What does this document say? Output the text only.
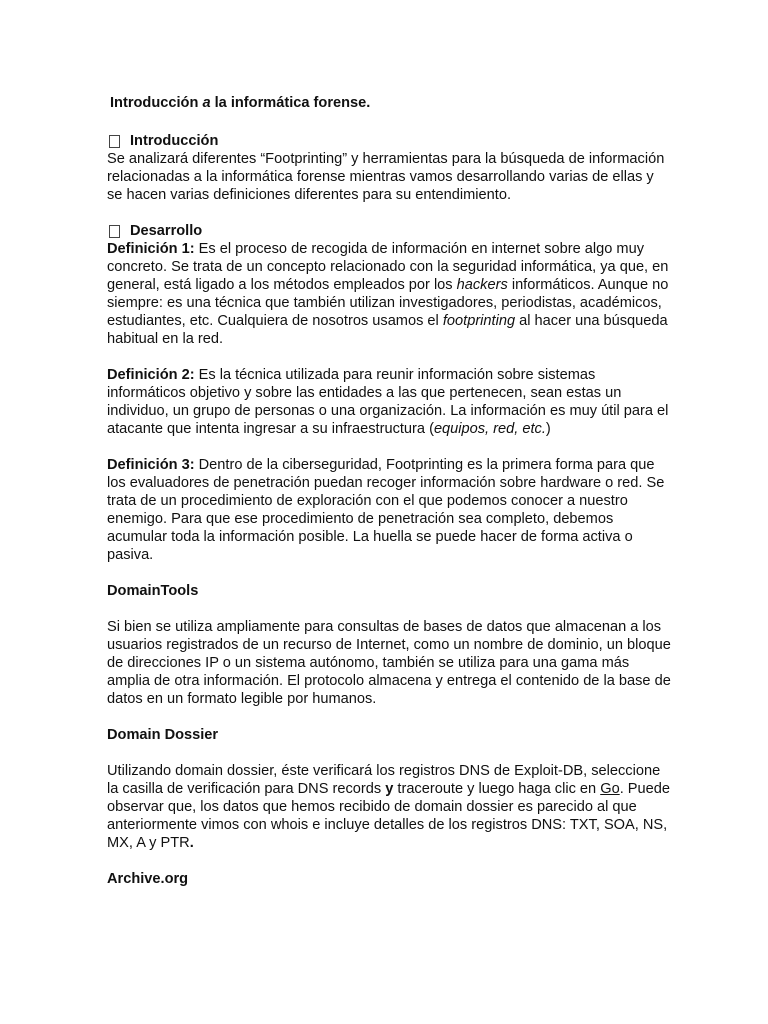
Introducción a la informática forense.
Introducción

Se analizará diferentes “Footprinting” y herramientas para la búsqueda de información relacionadas a la informática forense mientras vamos desarrollando varias de ellas y se hacen varias definiciones diferentes para su entendimiento.

Desarrollo

Definición 1: Es el proceso de recogida de información en internet sobre algo muy concreto. Se trata de un concepto relacionado con la seguridad informática, ya que, en general, está ligado a los métodos empleados por los hackers informáticos. Aunque no siempre: es una técnica que también utilizan investigadores, periodistas, académicos, estudiantes, etc. Cualquiera de nosotros usamos el footprinting al hacer una búsqueda habitual en la red.

Definición 2: Es la técnica utilizada para reunir información sobre sistemas informáticos objetivo y sobre las entidades a las que pertenecen, sean estas un individuo, un grupo de personas o una organización. La información es muy útil para el atacante que intenta ingresar a su infraestructura (equipos, red, etc.)

Definición 3: Dentro de la ciberseguridad, Footprinting es la primera forma para que los evaluadores de penetración puedan recoger información sobre hardware o red. Se trata de un procedimiento de exploración con el que podemos conocer a nuestro enemigo. Para que ese procedimiento de penetración sea completo, debemos acumular toda la información posible. La huella se puede hacer de forma activa o pasiva.

DomainTools

Si bien se utiliza ampliamente para consultas de bases de datos que almacenan a los usuarios registrados de un recurso de Internet, como un nombre de dominio, un bloque de direcciones IP o un sistema autónomo, también se utiliza para una gama más amplia de otra información. El protocolo almacena y entrega el contenido de la base de datos en un formato legible por humanos.

Domain Dossier

Utilizando domain dossier, éste verificará los registros DNS de Exploit-DB, seleccione la casilla de verificación para DNS records y traceroute y luego haga clic en Go. Puede observar que, los datos que hemos recibido de domain dossier es parecido al que anteriormente vimos con whois e incluye detalles de los registros DNS: TXT, SOA, NS, MX, A y PTR.

Archive.org
